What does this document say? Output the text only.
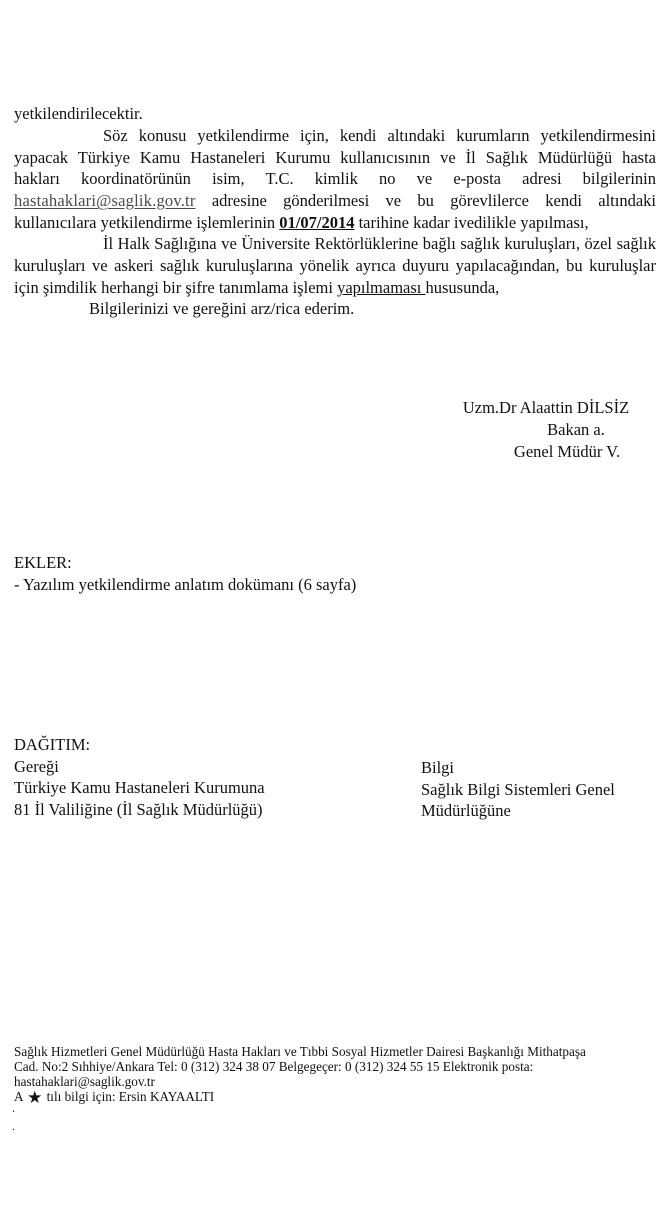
yetkilendirilecektir.
Söz konusu yetkilendirme için, kendi altındaki kurumların yetkilendirmesini
yapacak Türkiye Kamu Hastaneleri Kurumu kullanıcısının ve İl Sağlık Müdürlüğü hasta
hakları koordinatörünün isim, T.C. kimlik no ve e-posta adresi bilgilerinin
hastahaklari@saglik.gov.tr adresine gönderilmesi ve bu görevlilerce kendi altındaki
kullanıcılara yetkilendirme işlemlerinin 01/07/2014 tarihine kadar ivedilikle yapılması,
İl Halk Sağlığına ve Üniversite Rektörlüklerine bağlı sağlık kuruluşları, özel sağlık
kuruluşları ve askeri sağlık kuruluşlarına yönelik ayrıca duyuru yapılacağından, bu kuruluşlar
için şimdilik herhangi bir şifre tanımlama işlemi yapılmaması hususunda,
Bilgilerinizi ve gereğini arz/rica ederim.
Uzm.Dr Alaattin DİLSİZ
Bakan a.
Genel Müdür V.
EKLER:
- Yazılım yetkilendirme anlatım dokümanı (6 sayfa)
DAĞITIM:
Gereği
Türkiye Kamu Hastaneleri Kurumuna
81 İl Valiliğine (İl Sağlık Müdürlüğü)
Bilgi
Sağlık Bilgi Sistemleri Genel
Müdürlüğüne
Sağlık Hizmetleri Genel Müdürlüğü Hasta Hakları ve Tıbbi Sosyal Hizmetler Dairesi Başkanlığı Mithatpaşa
Cad. No:2 Sıhhiye/Ankara Tel: 0 (312) 324 38 07 Belgegeçer: 0 (312) 324 55 15 Elektronik posta:
hastahaklari@saglik.gov.tr
A ★ tılı bilgi için: Ersin KAYAALTI
.
.
